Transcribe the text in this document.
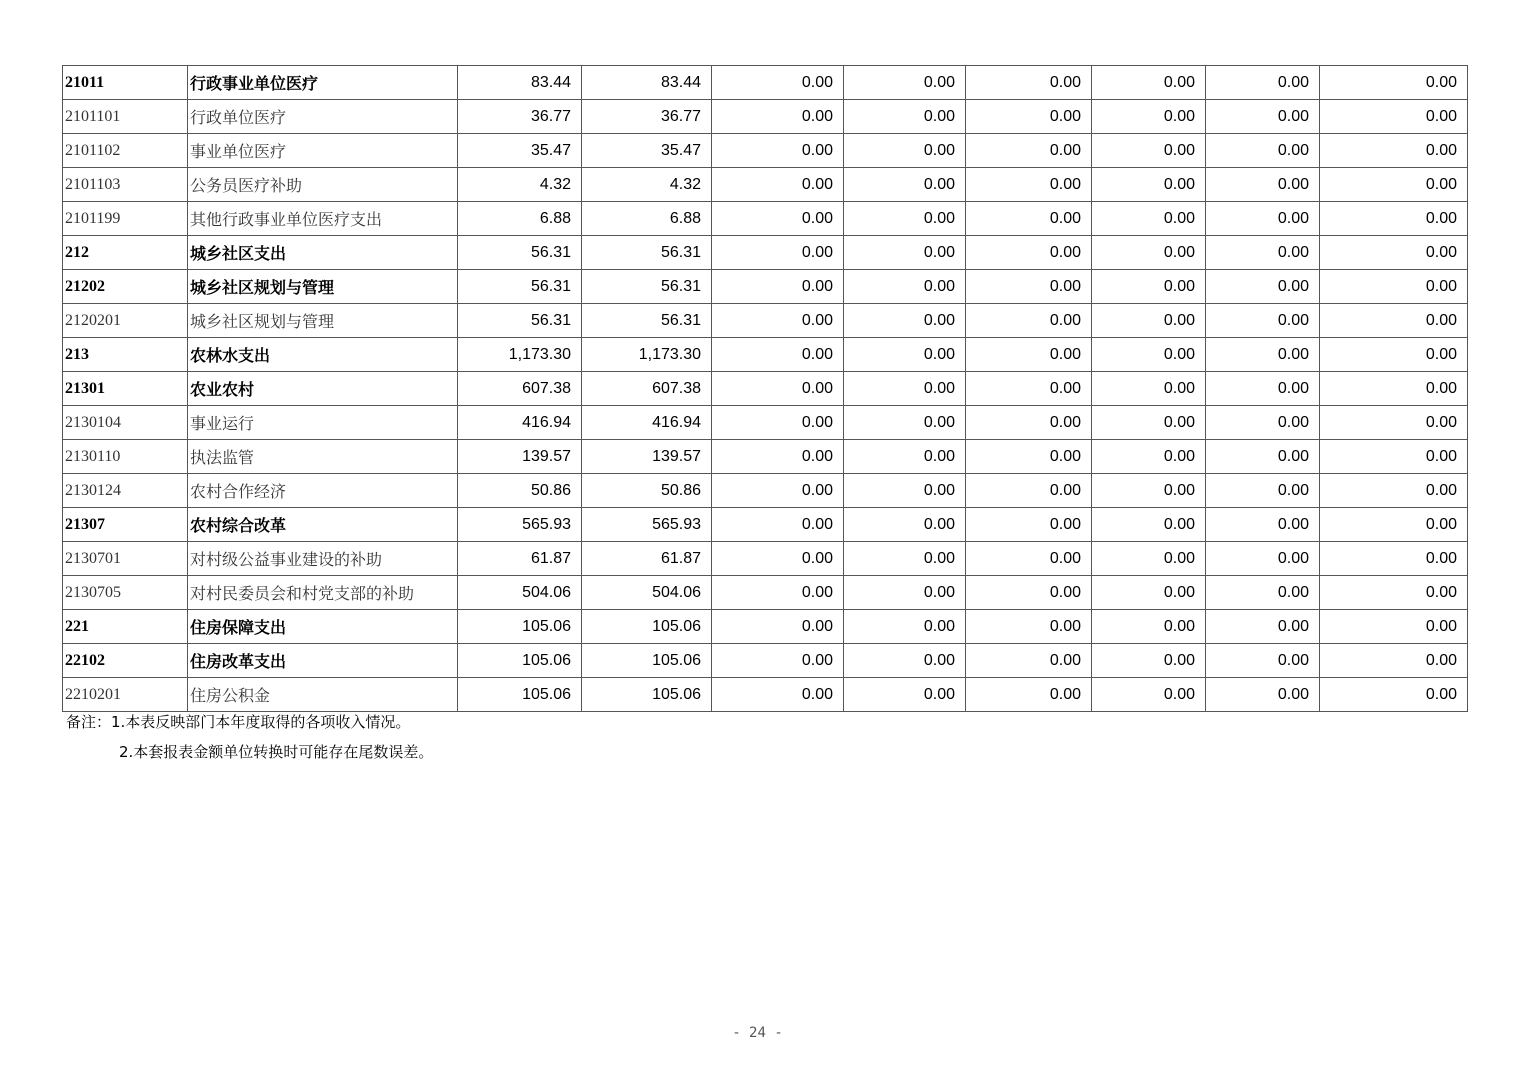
21011	行政事业单位医疗	83.44	83.44	0.00	0.00	0.00	0.00	0.00	0.00
2101101	行政单位医疗	36.77	36.77	0.00	0.00	0.00	0.00	0.00	0.00
2101102	事业单位医疗	35.47	35.47	0.00	0.00	0.00	0.00	0.00	0.00
2101103	公务员医疗补助	4.32	4.32	0.00	0.00	0.00	0.00	0.00	0.00
2101199	其他行政事业单位医疗支出	6.88	6.88	0.00	0.00	0.00	0.00	0.00	0.00
212	城乡社区支出	56.31	56.31	0.00	0.00	0.00	0.00	0.00	0.00
21202	城乡社区规划与管理	56.31	56.31	0.00	0.00	0.00	0.00	0.00	0.00
2120201	城乡社区规划与管理	56.31	56.31	0.00	0.00	0.00	0.00	0.00	0.00
213	农林水支出	1,173.30	1,173.30	0.00	0.00	0.00	0.00	0.00	0.00
21301	农业农村	607.38	607.38	0.00	0.00	0.00	0.00	0.00	0.00
2130104	事业运行	416.94	416.94	0.00	0.00	0.00	0.00	0.00	0.00
2130110	执法监管	139.57	139.57	0.00	0.00	0.00	0.00	0.00	0.00
2130124	农村合作经济	50.86	50.86	0.00	0.00	0.00	0.00	0.00	0.00
21307	农村综合改革	565.93	565.93	0.00	0.00	0.00	0.00	0.00	0.00
2130701	对村级公益事业建设的补助	61.87	61.87	0.00	0.00	0.00	0.00	0.00	0.00
2130705	对村民委员会和村党支部的补助	504.06	504.06	0.00	0.00	0.00	0.00	0.00	0.00
221	住房保障支出	105.06	105.06	0.00	0.00	0.00	0.00	0.00	0.00
22102	住房改革支出	105.06	105.06	0.00	0.00	0.00	0.00	0.00	0.00
2210201	住房公积金	105.06	105.06	0.00	0.00	0.00	0.00	0.00	0.00
备注：1.本表反映部门本年度取得的各项收入情况。
2.本套报表金额单位转换时可能存在尾数误差。
- 24 -
